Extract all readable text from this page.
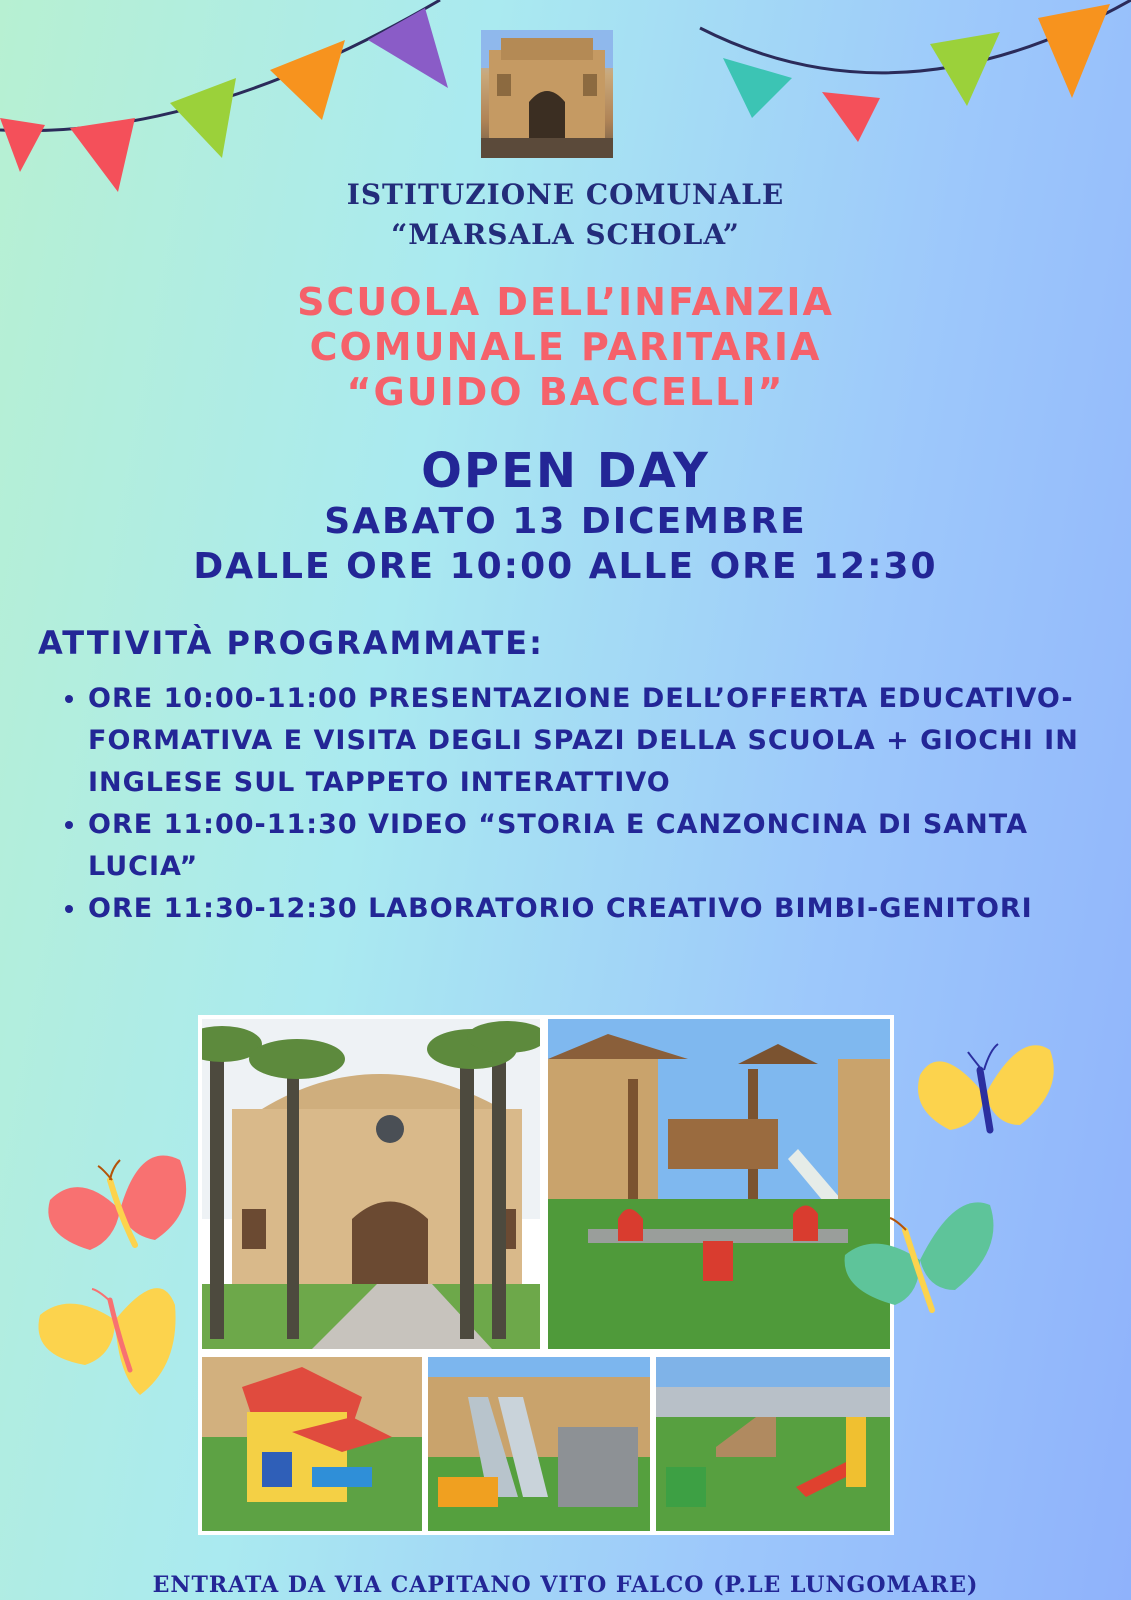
ISTITUZIONE COMUNALE
“MARSALA SCHOLA”
SCUOLA DELL’INFANZIA
COMUNALE PARITARIA
“GUIDO BACCELLI”
OPEN DAY
SABATO 13 DICEMBRE
DALLE ORE 10:00 ALLE ORE 12:30
ATTIVITÀ PROGRAMMATE:
• ORE 10:00-11:00 PRESENTAZIONE DELL’OFFERTA EDUCATIVO-FORMATIVA E VISITA DEGLI SPAZI DELLA SCUOLA + GIOCHI IN INGLESE SUL TAPPETO INTERATTIVO
• ORE 11:00-11:30 VIDEO “STORIA E CANZONCINA DI SANTA LUCIA”
• ORE 11:30-12:30 LABORATORIO CREATIVO BIMBI-GENITORI
ENTRATA DA VIA CAPITANO VITO FALCO (P.LE LUNGOMARE)
